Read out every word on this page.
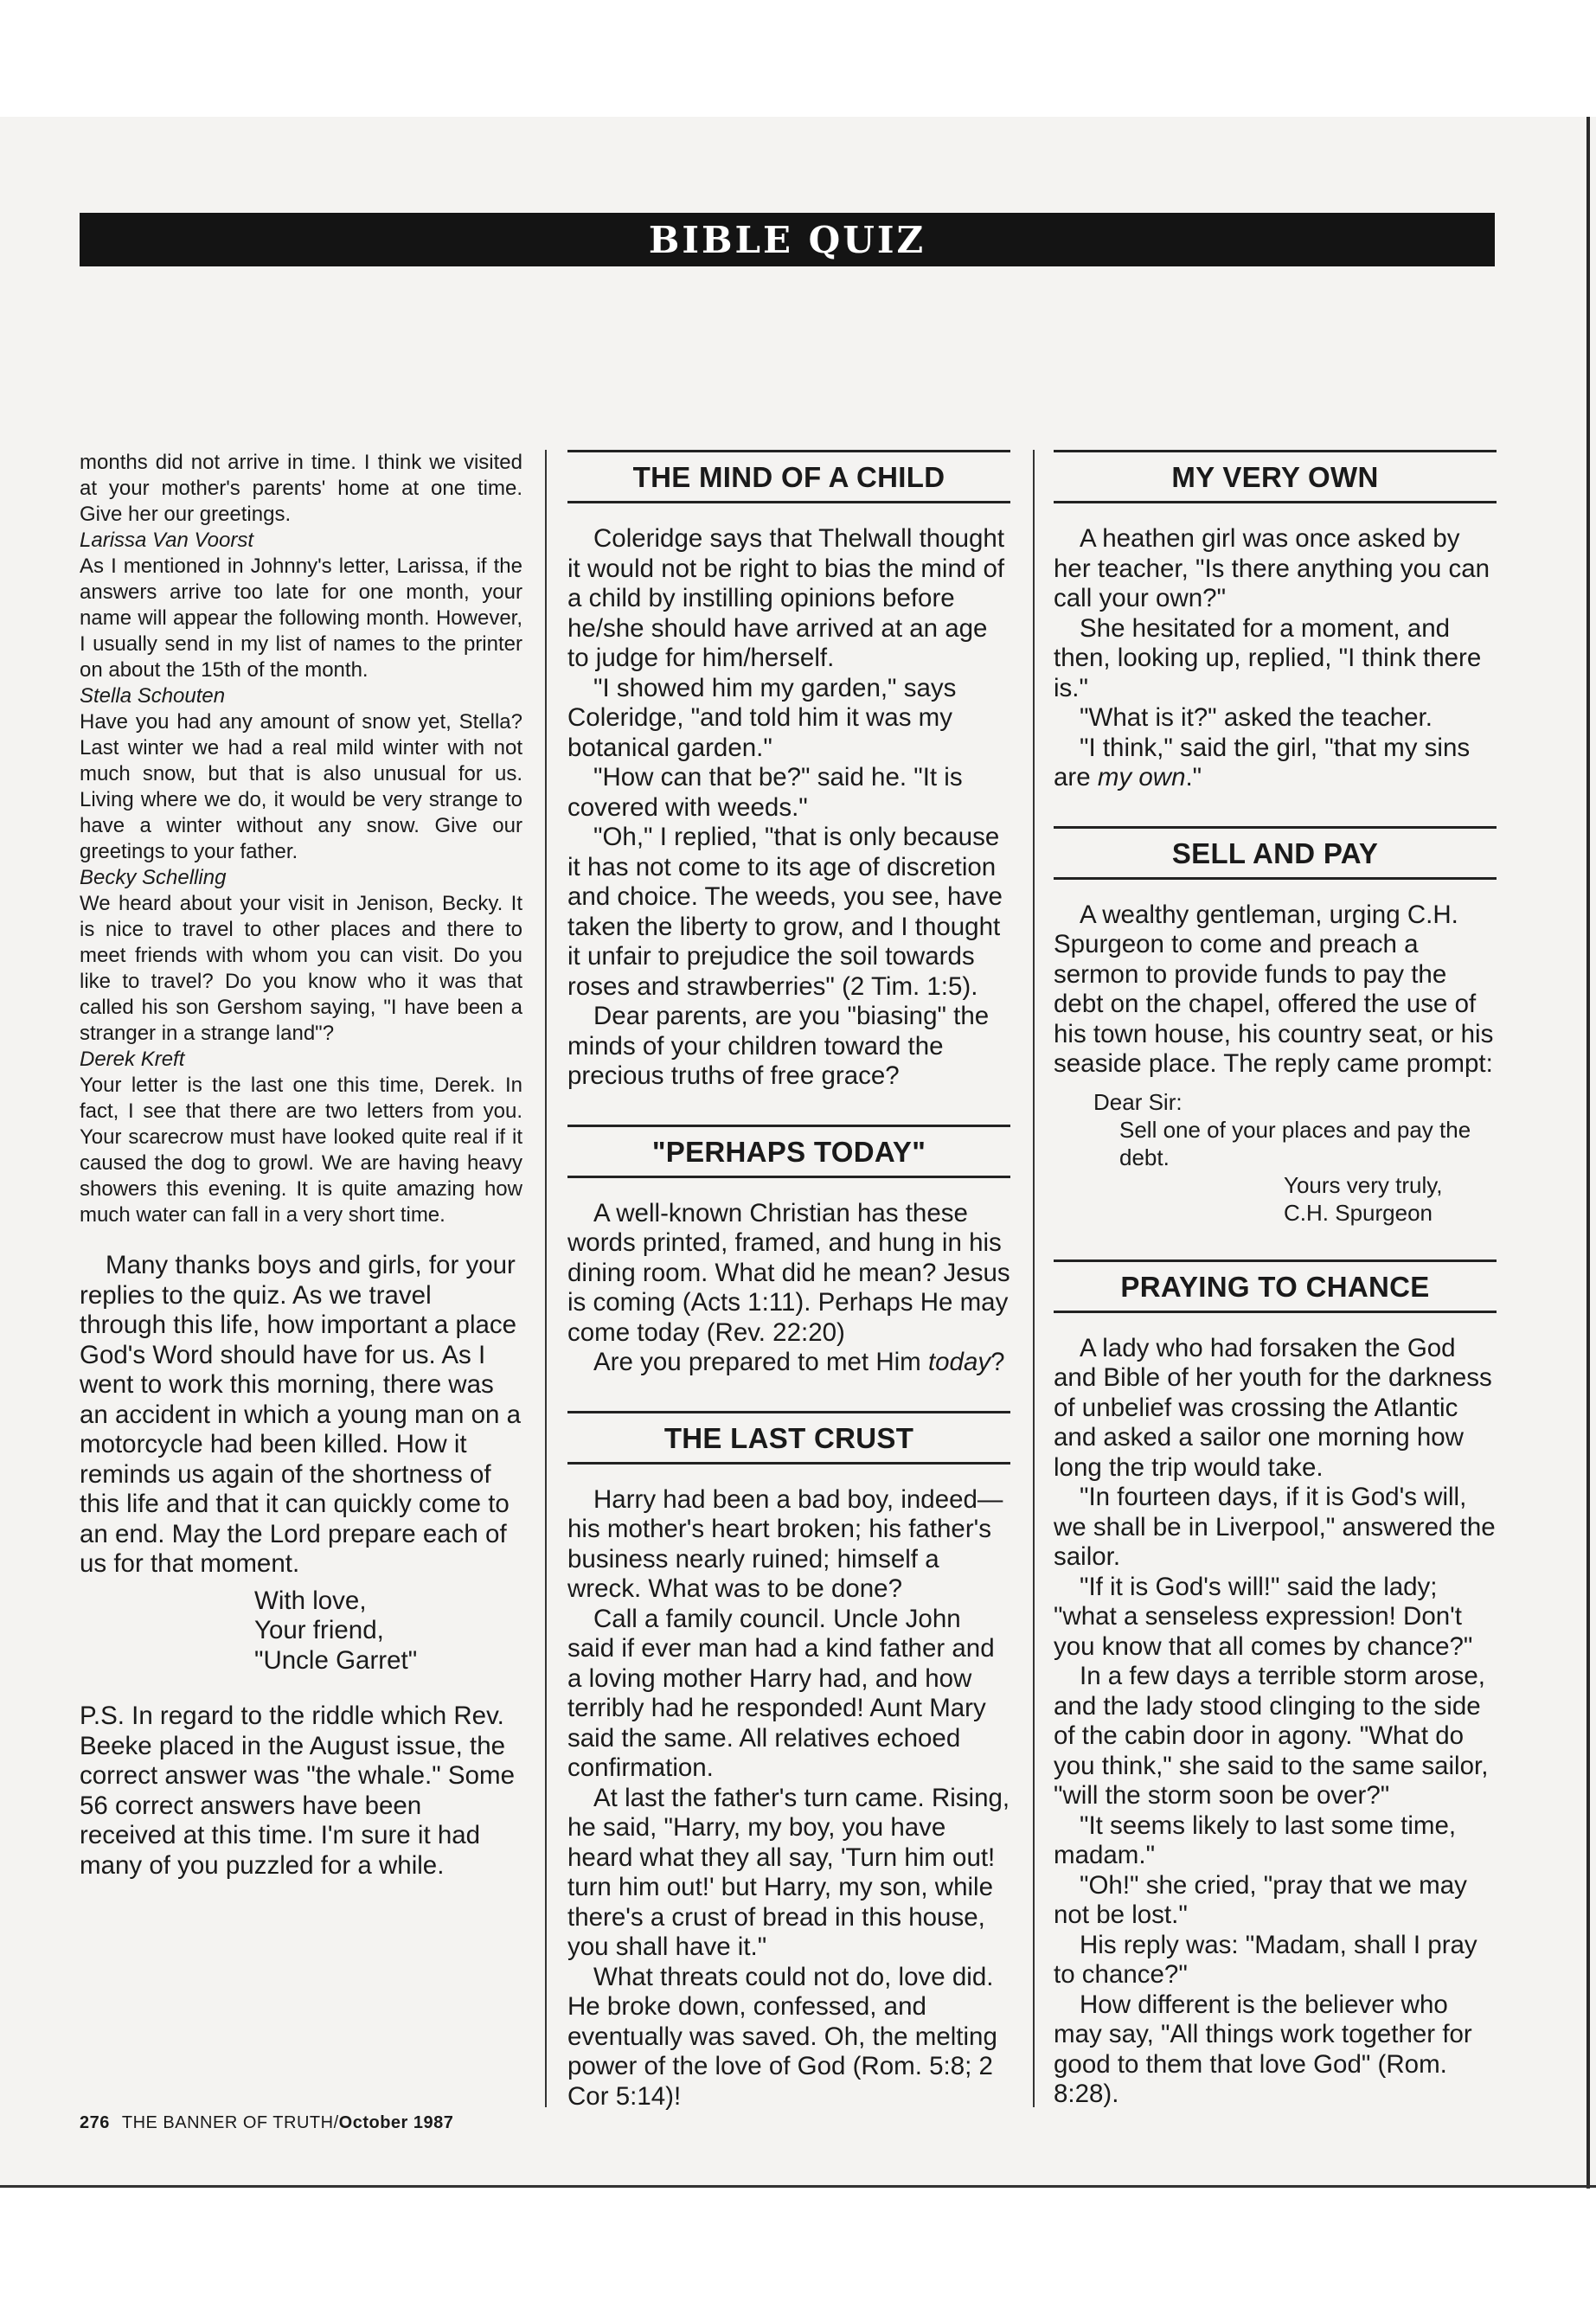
BIBLE QUIZ

months did not arrive in time. I think we visited at your mother's parents' home at one time. Give her our greetings.

Larissa Van Voorst

As I mentioned in Johnny's letter, Larissa, if the answers arrive too late for one month, your name will appear the following month. However, I usually send in my list of names to the printer on about the 15th of the month.

Stella Schouten

Have you had any amount of snow yet, Stella? Last winter we had a real mild winter with not much snow, but that is also unusual for us. Living where we do, it would be very strange to have a winter without any snow. Give our greetings to your father.

Becky Schelling

We heard about your visit in Jenison, Becky. It is nice to travel to other places and there to meet friends with whom you can visit. Do you like to travel? Do you know who it was that called his son Gershom saying, "I have been a stranger in a strange land"?

Derek Kreft

Your letter is the last one this time, Derek. In fact, I see that there are two letters from you. Your scarecrow must have looked quite real if it caused the dog to growl. We are having heavy showers this evening. It is quite amazing how much water can fall in a very short time.

Many thanks boys and girls, for your replies to the quiz. As we travel through this life, how important a place God's Word should have for us. As I went to work this morning, there was an accident in which a young man on a motorcycle had been killed. How it reminds us again of the shortness of this life and that it can quickly come to an end. May the Lord prepare each of us for that moment.

With love,

Your friend,

"Uncle Garret"

P.S. In regard to the riddle which Rev. Beeke placed in the August issue, the correct answer was "the whale." Some 56 correct answers have been received at this time. I'm sure it had many of you puzzled for a while.

THE MIND OF A CHILD

Coleridge says that Thelwall thought it would not be right to bias the mind of a child by instilling opinions before he/she should have arrived at an age to judge for him/herself.

"I showed him my garden," says Coleridge, "and told him it was my botanical garden."

"How can that be?" said he. "It is covered with weeds."

"Oh," I replied, "that is only because it has not come to its age of discretion and choice. The weeds, you see, have taken the liberty to grow, and I thought it unfair to prejudice the soil towards roses and strawberries" (2 Tim. 1:5).

Dear parents, are you "biasing" the minds of your children toward the precious truths of free grace?

"PERHAPS TODAY"

A well-known Christian has these words printed, framed, and hung in his dining room. What did he mean? Jesus is coming (Acts 1:11). Perhaps He may come today (Rev. 22:20)

Are you prepared to met Him today?

THE LAST CRUST

Harry had been a bad boy, indeed—his mother's heart broken; his father's business nearly ruined; himself a wreck. What was to be done?

Call a family council. Uncle John said if ever man had a kind father and a loving mother Harry had, and how terribly had he responded! Aunt Mary said the same. All relatives echoed confirmation.

At last the father's turn came. Rising, he said, "Harry, my boy, you have heard what they all say, 'Turn him out! turn him out!' but Harry, my son, while there's a crust of bread in this house, you shall have it."

What threats could not do, love did. He broke down, confessed, and eventually was saved. Oh, the melting power of the love of God (Rom. 5:8; 2 Cor 5:14)!

MY VERY OWN

A heathen girl was once asked by her teacher, "Is there anything you can call your own?"

She hesitated for a moment, and then, looking up, replied, "I think there is."

"What is it?" asked the teacher.

"I think," said the girl, "that my sins are my own."

SELL AND PAY

A wealthy gentleman, urging C.H. Spurgeon to come and preach a sermon to provide funds to pay the debt on the chapel, offered the use of his town house, his country seat, or his seaside place. The reply came prompt:

Dear Sir:

Sell one of your places and pay the debt.

Yours very truly,

C.H. Spurgeon

PRAYING TO CHANCE

A lady who had forsaken the God and Bible of her youth for the darkness of unbelief was crossing the Atlantic and asked a sailor one morning how long the trip would take.

"In fourteen days, if it is God's will, we shall be in Liverpool," answered the sailor.

"If it is God's will!" said the lady; "what a senseless expression! Don't you know that all comes by chance?"

In a few days a terrible storm arose, and the lady stood clinging to the side of the cabin door in agony. "What do you think," she said to the same sailor, "will the storm soon be over?"

"It seems likely to last some time, madam."

"Oh!" she cried, "pray that we may not be lost."

His reply was: "Madam, shall I pray to chance?"

How different is the believer who may say, "All things work together for good to them that love God" (Rom. 8:28).

276 THE BANNER OF TRUTH/October 1987
